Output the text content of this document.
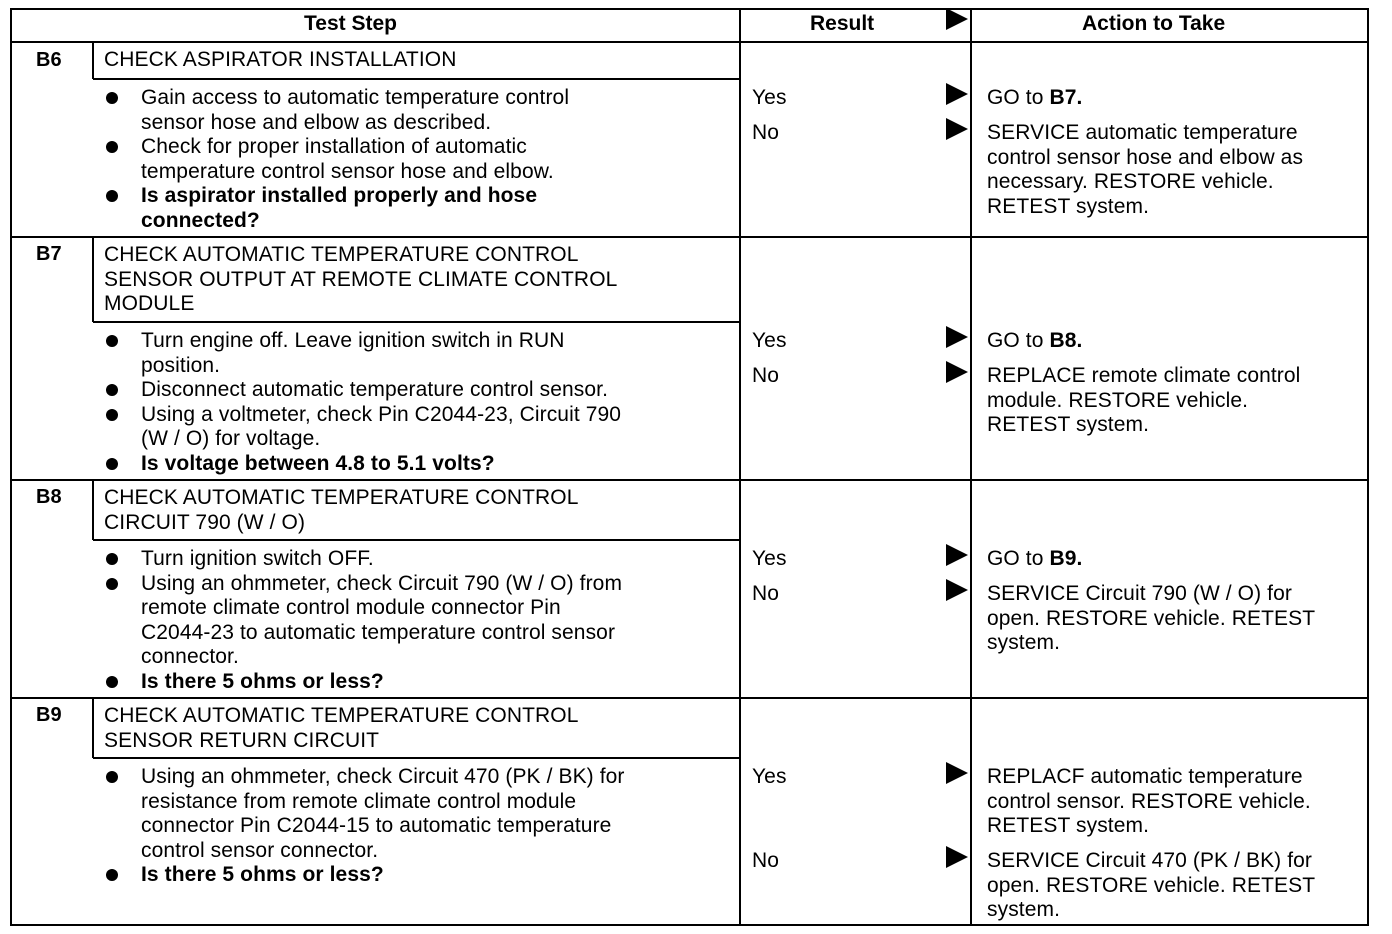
Test Step	Result	Action to Take
B6 CHECK ASPIRATOR INSTALLATION
Gain access to automatic temperature control
sensor hose and elbow as described.
Check for proper installation of automatic
temperature control sensor hose and elbow.
Is aspirator installed properly and hose
connected?
Yes	GO to B7.
No	SERVICE automatic temperature
control sensor hose and elbow as
necessary. RESTORE vehicle.
RETEST system.
B7 CHECK AUTOMATIC TEMPERATURE CONTROL
SENSOR OUTPUT AT REMOTE CLIMATE CONTROL
MODULE
Turn engine off. Leave ignition switch in RUN
position.
Disconnect automatic temperature control sensor.
Using a voltmeter, check Pin C2044-23, Circuit 790
(W / O) for voltage.
Is voltage between 4.8 to 5.1 volts?
Yes	GO to B8.
No	REPLACE remote climate control
module. RESTORE vehicle.
RETEST system.
B8 CHECK AUTOMATIC TEMPERATURE CONTROL
CIRCUIT 790 (W / O)
Turn ignition switch OFF.
Using an ohmmeter, check Circuit 790 (W / O) from
remote climate control module connector Pin
C2044-23 to automatic temperature control sensor
connector.
Is there 5 ohms or less?
Yes	GO to B9.
No	SERVICE Circuit 790 (W / O) for
open. RESTORE vehicle. RETEST
system.
B9 CHECK AUTOMATIC TEMPERATURE CONTROL
SENSOR RETURN CIRCUIT
Using an ohmmeter, check Circuit 470 (PK / BK) for
resistance from remote climate control module
connector Pin C2044-15 to automatic temperature
control sensor connector.
Is there 5 ohms or less?
Yes	REPLACF automatic temperature
control sensor. RESTORE vehicle.
RETEST system.
No	SERVICE Circuit 470 (PK / BK) for
open. RESTORE vehicle. RETEST
system.
